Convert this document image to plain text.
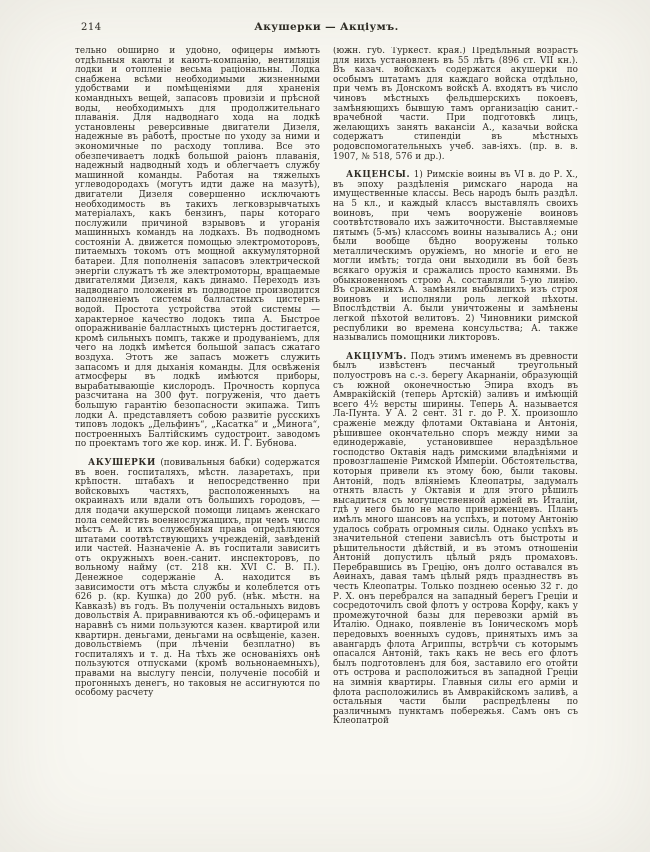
214	Акушерки — Акціумъ.

тельно обширно и удобно, офицеры имѣютъ отдѣльныя каюты и каютъ-компанію, вентиляція лодки и отопленіе весьма раціональны. Лодка снабжена всѣми необходимыми жизненными удобствами и помѣщеніями для храненія командныхъ вещей, запасовъ провизіи и прѣсной воды, необходимыхъ для продолжительнаго плаванія. Для надводнаго хода на лодкѣ установлены реверсивные двигатели Дизеля, надежные въ работѣ, простые по уходу за ними и экономичные по расходу топлива. Все это обезпечиваетъ лодкѣ большой раіонъ плаванія, надежный надводный ходъ и облегчаетъ службу машинной команды. Работая на тяжелыхъ углеводородахъ (могутъ идти даже на мазутѣ), двигатели Дизеля совершенно исключаютъ необходимость въ такихъ легковзрывчатыхъ матеріалахъ, какъ бензинъ, пары котораго послужили причиной взрывовъ и угоранія машинныхъ командъ на лодкахъ. Въ подводномъ состояніи А. движется помощью электромоторовъ, питаемыхъ токомъ отъ мощной аккумуляторной батареи. Для пополненія запасовъ электрической энергіи служатъ тѣ же электромоторы, вращаемые двигателями Дизеля, какъ динамо. Переходъ изъ надводнаго положенія въ подводное производится заполненіемъ системы балластныхъ цистернъ водой. Простота устройства этой системы — характерное качество лодокъ типа А. Быстрое опоражниваніе балластныхъ цистернъ достигается, кромѣ сильныхъ помпъ, также и продуваніемъ, для чего на лодкѣ имѣется большой запасъ сжатаго воздуха. Этотъ же запасъ можетъ служить запасомъ и для дыханія команды. Для освѣженія атмосферы въ лодкѣ имѣются приборы, вырабатывающіе кислородъ. Прочность корпуса разсчитана на 300 фут. погруженія, что даетъ большую гарантію безопасности экипажа. Типъ лодки А. представляетъ собою развитіе русскихъ типовъ лодокъ „Дельфинъ“, „Касатка“ и „Минога“, построенныхъ Балтійскимъ судостроит. заводомъ по проектамъ того же кор. инж. И. Г. Бубнова.

АКУШЕРКИ (повивальныя бабки) содержатся въ воен. госпиталяхъ, мѣстн. лазаретахъ, при крѣпостн. штабахъ и непосредственно при войсковыхъ частяхъ, расположенныхъ на окраинахъ или вдали отъ большихъ городовъ, — для подачи акушерской помощи лицамъ женскаго пола семействъ военнослужащихъ, при чемъ число мѣстъ А. и ихъ служебныя права опредѣляются штатами соотвѣтствующихъ учрежденій, завѣденій или частей. Назначеніе А. въ госпитали зависитъ отъ окружныхъ воен.-санит. инспекторовъ, по вольному найму (ст. 218 кн. XVI С. В. П.). Денежное содержаніе А. находится въ зависимости отъ мѣста службы и колеблется отъ 626 р. (кр. Кушка) до 200 руб. (нѣк. мѣстн. на Кавказѣ) въ годъ. Въ полученіи остальныхъ видовъ довольствія А. приравниваются къ об.-офицерамъ и наравнѣ съ ними пользуются казен. квартирой или квартирн. деньгами, деньгами на освѣщеніе, казен. довольствіемъ (при лѣченіи безплатно) въ госпиталяхъ и т. д. На тѣхъ же основаніяхъ онѣ пользуются отпусками (кромѣ вольнонаемныхъ), правами на выслугу пенсіи, полученіе пособій и прогонныхъ денегъ, но таковыя не ассигнуются по особому расчету

(южн. губ. Туркест. края.) Предѣльный возрастъ для нихъ установленъ въ 55 лѣтъ (896 ст. VII кн.). Въ казач. войскахъ содержатся акушерки по особымъ штатамъ для каждаго войска отдѣльно, при чемъ въ Донскомъ войскѣ А. входятъ въ число чиновъ мѣстныхъ фельдшерскихъ покоевъ, замѣняющихъ бывшую тамъ организацію санит.-врачебной части. При подготовкѣ лицъ, желающихъ занять вакансіи А., казачьи войска содержатъ стипендіи въ мѣстныхъ родовспомогательныхъ учеб. зав-іяхъ. (пр. в. в. 1907, № 518, 576 и др.).

АКЦЕНСЫ. 1) Римскіе воины въ VI в. до Р. Х., въ эпоху раздѣленія римскаго народа на имущественные классы. Весь народъ былъ раздѣл. на 5 кл., и каждый классъ выставлялъ своихъ воиновъ, при чемъ вооруженіе воиновъ соотвѣтствовало ихъ зажиточности. Выставляемые пятымъ (5-мъ) классомъ воины назывались А.; они были вообще бѣдно вооружены только металлическимъ оружіемъ, но многіе и его не могли имѣть; тогда они выходили въ бой безъ всякаго оружія и сражались просто камнями. Въ обыкновенномъ строю А. составляли 5-ую линію. Въ сраженіяхъ А. замѣняли выбывшихъ изъ строя воиновъ и исполняли роль легкой пѣхоты. Впослѣдствіи А. были уничтожены и замѣнены легкой пѣхотой велитовъ. 2) Чиновники римской республики во времена консульства; А. также назывались помощники ликторовъ.

АКЦІУМЪ. Подъ этимъ именемъ въ древности былъ извѣстенъ песчаный треугольный полуостровъ на с.-з. берегу Акарнаніи, образующій съ южной оконечностью Эпира входъ въ Амвракійскій (теперь Артскій) заливъ и имѣющій всего 4½ версты ширины. Теперь А. называется Ла-Пунта. У А. 2 сент. 31 г. до Р. Х. произошло сраженіе между флотами Октавіана и Антонія, рѣшившее окончательно споръ между ними за единодержавіе, установившее нераздѣльное господство Октавія надъ римскими владѣніями и провозглашеніе Римской Имперіи. Обстоятельства, которыя привели къ этому бою, были таковы. Антоній, подъ вліяніемъ Клеопатры, задумалъ отнять власть у Октавія и для этого рѣшилъ высадиться съ могущественной арміей въ Италіи, гдѣ у него было не мало приверженцевъ. Планъ имѣлъ много шансовъ на успѣхъ, и потому Антонію удалось собрать огромныя силы. Однако успѣхъ въ значительной степени зависѣлъ отъ быстроты и рѣшительности дѣйствій, и въ этомъ отношеніи Антоній допустилъ цѣлый рядъ промаховъ. Перебравшись въ Грецію, онъ долго оставался въ Аѳинахъ, давая тамъ цѣлый рядъ празднествъ въ честь Клеопатры. Только позднею осенью 32 г. до Р. Х. онъ перебрался на западный берегъ Греціи и сосредоточилъ свой флотъ у острова Корфу, какъ у промежуточной базы для перевозки армій въ Италію. Однако, появленіе въ Іоническомъ морѣ передовыхъ военныхъ судовъ, принятыхъ имъ за авангардъ флота Агриппы, встрѣчи съ которымъ опасался Антоній, такъ какъ не весь его флотъ былъ подготовленъ для боя, заставило его отойти отъ острова и расположиться въ западной Греціи на зимнія квартиры. Главныя силы его арміи и флота расположились въ Амвракійскомъ заливѣ, а остальныя части были распредѣлены по различнымъ пунктамъ побережья. Самъ онъ съ Клеопатрой
